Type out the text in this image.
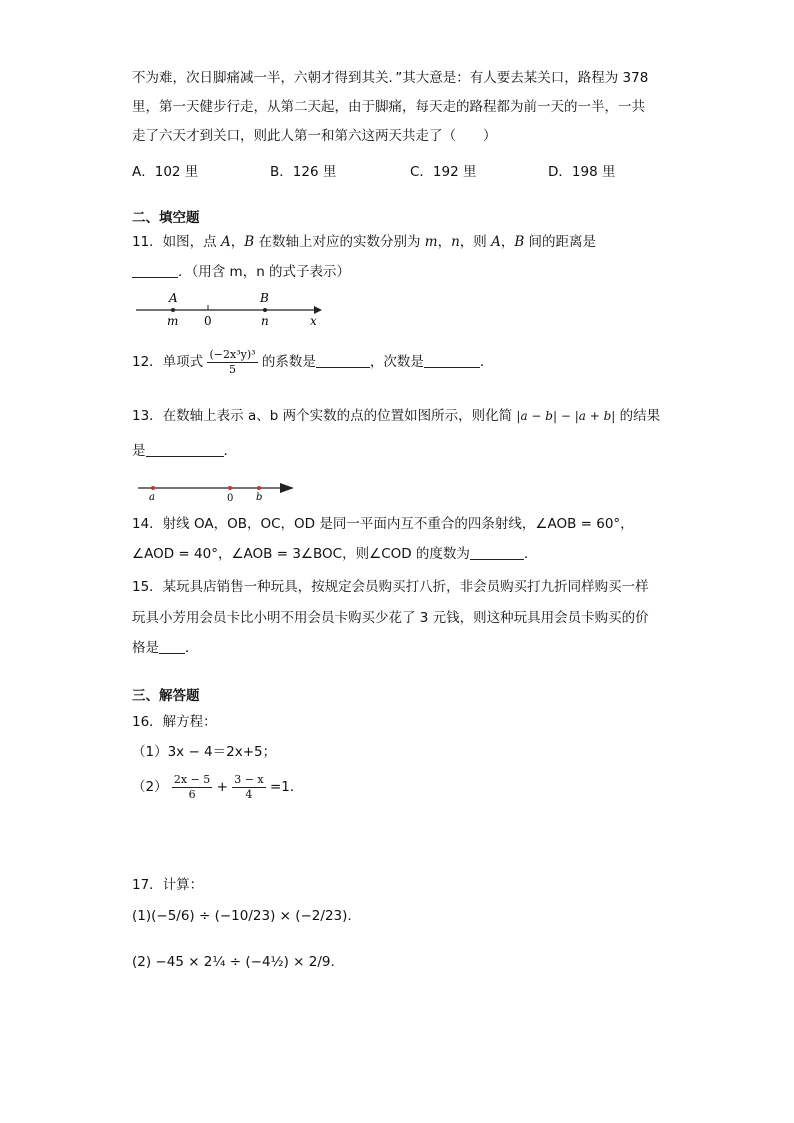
不为难，次日脚痛减一半，六朝才得到其关．”其大意是：有人要去某关口，路程为 378
里，第一天健步行走，从第二天起，由于脚痛，每天走的路程都为前一天的一半，一共
走了六天才到关口，则此人第一和第六这两天共走了（　　）
A．102 里	B．126 里	C．192 里	D．198 里
二、填空题
11．如图，点 A，B 在数轴上对应的实数分别为 m，n，则 A，B 间的距离是
．（用含 m，n 的式子表示）
A	B
m 0	n	x
12．单项式 $\frac{\text{(−2x³y)³}}{5}$ 的系数是	，次数是	．
13．在数轴上表示 a、b 两个实数的点的位置如图所示，则化简 |a − b| − |a + b| 的结果
是	．
a	0 b
14．射线 OA，OB，OC，OD 是同一平面内互不重合的四条射线，∠AOB = 60°，
∠AOD = 40°，∠AOB = 3∠BOC，则∠COD 的度数为	．
15．某玩具店销售一种玩具，按规定会员购买打八折，非会员购买打九折同样购买一样
玩具小芳用会员卡比小明不用会员卡购买少花了 3 元钱，则这种玩具用会员卡购买的价
格是 ．
三、解答题
16．解方程：
（1）3x − 4＝2x+5；
$(2) \frac{2x - 5}{6} + \frac{3 - x}{4} =1$．
17．计算：
(1)(−5/6) ÷ (−10/23) × (−2/23).
(2) −45 × 2¼ ÷ (−4½) × 2/9.
